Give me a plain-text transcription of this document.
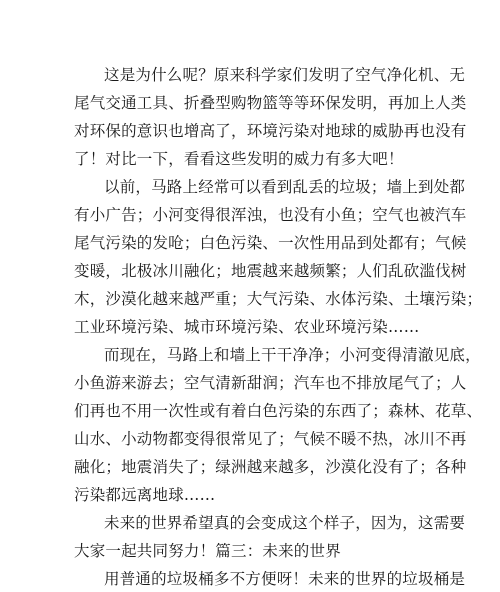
这是为什么呢？原来科学家们发明了空气净化机、无
尾气交通工具、折叠型购物篮等等环保发明，再加上人类
对环保的意识也增高了，环境污染对地球的威胁再也没有
了！对比一下，看看这些发明的威力有多大吧！
以前，马路上经常可以看到乱丢的垃圾；墙上到处都
有小广告；小河变得很浑浊，也没有小鱼；空气也被汽车
尾气污染的发呛；白色污染、一次性用品到处都有；气候
变暖，北极冰川融化；地震越来越频繁；人们乱砍滥伐树
木，沙漠化越来越严重；大气污染、水体污染、土壤污染；
工业环境污染、城市环境污染、农业环境污染……
而现在，马路上和墙上干干净净；小河变得清澈见底，
小鱼游来游去；空气清新甜润；汽车也不排放尾气了；人
们再也不用一次性或有着白色污染的东西了；森林、花草、
山水、小动物都变得很常见了；气候不暖不热，冰川不再
融化；地震消失了；绿洲越来越多，沙漠化没有了；各种
污染都远离地球……
未来的世界希望真的会变成这个样子，因为，这需要
大家一起共同努力！篇三：未来的世界
用普通的垃圾桶多不方便呀！未来的世界的垃圾桶是
